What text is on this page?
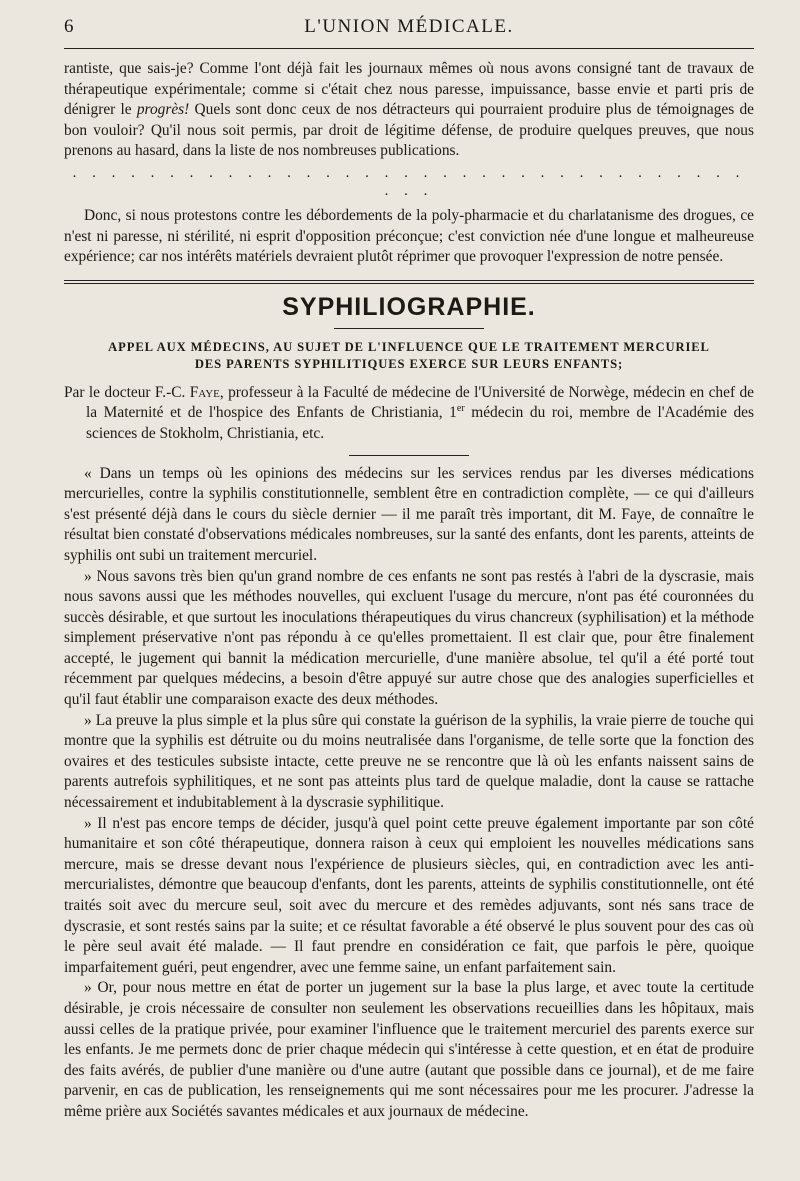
6	L'UNION MÉDICALE.

rantiste, que sais-je? Comme l'ont déjà fait les journaux mêmes où nous avons consigné tant de travaux de thérapeutique expérimentale; comme si c'était chez nous paresse, impuissance, basse envie et parti pris de dénigrer le progrès! Quels sont donc ceux de nos détracteurs qui pourraient produire plus de témoignages de bon vouloir? Qu'il nous soit permis, par droit de légitime défense, de produire quelques preuves, que nous prenons au hasard, dans la liste de nos nombreuses publications.

. . . . . . . . . . . . . . . . . . . . . . . . . . . . . . . . . . . . . .

Donc, si nous protestons contre les débordements de la poly-pharmacie et du charlatanisme des drogues, ce n'est ni paresse, ni stérilité, ni esprit d'opposition préconçue; c'est conviction née d'une longue et malheureuse expérience; car nos intérêts matériels devraient plutôt réprimer que provoquer l'expression de notre pensée.

SYPHILIOGRAPHIE.
APPEL AUX MÉDECINS, AU SUJET DE L'INFLUENCE QUE LE TRAITEMENT MERCURIEL
DES PARENTS SYPHILITIQUES EXERCE SUR LEURS ENFANTS;

Par le docteur F.-C. Faye, professeur à la Faculté de médecine de l'Université de Norwège, médecin en chef de la Maternité et de l'hospice des Enfants de Christiania, 1er médecin du roi, membre de l'Académie des sciences de Stokholm, Christiania, etc.

« Dans un temps où les opinions des médecins sur les services rendus par les diverses médications mercurielles, contre la syphilis constitutionnelle, semblent être en contradiction complète, — ce qui d'ailleurs s'est présenté déjà dans le cours du siècle dernier — il me paraît très important, dit M. Faye, de connaître le résultat bien constaté d'observations médicales nombreuses, sur la santé des enfants, dont les parents, atteints de syphilis ont subi un traitement mercuriel.

» Nous savons très bien qu'un grand nombre de ces enfants ne sont pas restés à l'abri de la dyscrasie, mais nous savons aussi que les méthodes nouvelles, qui excluent l'usage du mercure, n'ont pas été couronnées du succès désirable, et que surtout les inoculations thérapeutiques du virus chancreux (syphilisation) et la méthode simplement préservative n'ont pas répondu à ce qu'elles promettaient. Il est clair que, pour être finalement accepté, le jugement qui bannit la médication mercurielle, d'une manière absolue, tel qu'il a été porté tout récemment par quelques médecins, a besoin d'être appuyé sur autre chose que des analogies superficielles et qu'il faut établir une comparaison exacte des deux méthodes.

» La preuve la plus simple et la plus sûre qui constate la guérison de la syphilis, la vraie pierre de touche qui montre que la syphilis est détruite ou du moins neutralisée dans l'organisme, de telle sorte que la fonction des ovaires et des testicules subsiste intacte, cette preuve ne se rencontre que là où les enfants naissent sains de parents autrefois syphilitiques, et ne sont pas atteints plus tard de quelque maladie, dont la cause se rattache nécessairement et indubitablement à la dyscrasie syphilitique.

» Il n'est pas encore temps de décider, jusqu'à quel point cette preuve également importante par son côté humanitaire et son côté thérapeutique, donnera raison à ceux qui emploient les nouvelles médications sans mercure, mais se dresse devant nous l'expérience de plusieurs siècles, qui, en contradiction avec les anti-mercurialistes, démontre que beaucoup d'enfants, dont les parents, atteints de syphilis constitutionnelle, ont été traités soit avec du mercure seul, soit avec du mercure et des remèdes adjuvants, sont nés sans trace de dyscrasie, et sont restés sains par la suite; et ce résultat favorable a été observé le plus souvent pour des cas où le père seul avait été malade. — Il faut prendre en considération ce fait, que parfois le père, quoique imparfaitement guéri, peut engendrer, avec une femme saine, un enfant parfaitement sain.

» Or, pour nous mettre en état de porter un jugement sur la base la plus large, et avec toute la certitude désirable, je crois nécessaire de consulter non seulement les observations recueillies dans les hôpitaux, mais aussi celles de la pratique privée, pour examiner l'influence que le traitement mercuriel des parents exerce sur les enfants. Je me permets donc de prier chaque médecin qui s'intéresse à cette question, et en état de produire des faits avérés, de publier d'une manière ou d'une autre (autant que possible dans ce journal), et de me faire parvenir, en cas de publication, les renseignements qui me sont nécessaires pour me les procurer. J'adresse la même prière aux Sociétés savantes médicales et aux journaux de médecine.
